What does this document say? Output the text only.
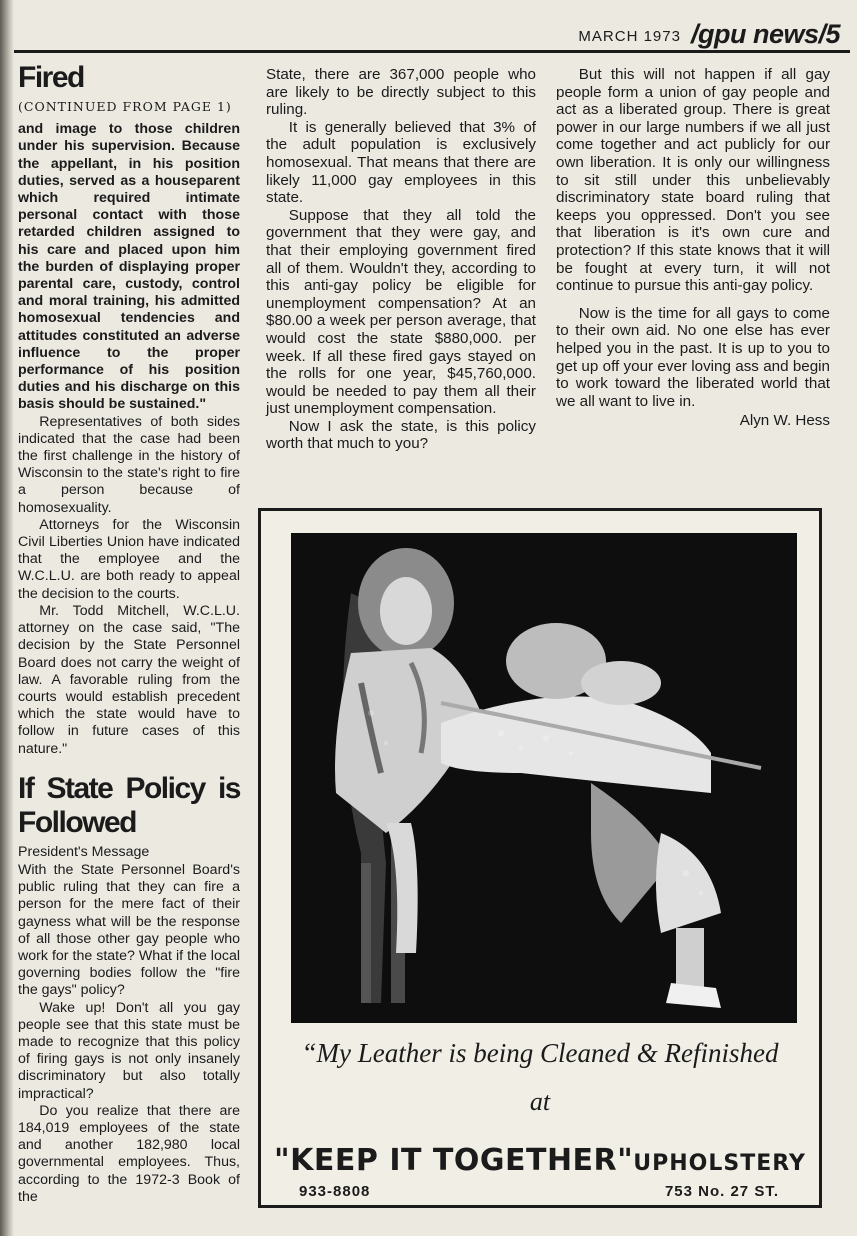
MARCH 1973 /gpu news/5
Fired
(CONTINUED FROM PAGE 1)

and image to those children under his supervision. Because the appellant, in his position duties, served as a houseparent which required intimate personal contact with those retarded children assigned to his care and placed upon him the burden of displaying proper parental care, custody, control and moral training, his admitted homosexual tendencies and attitudes constituted an adverse influence to the proper performance of his position duties and his discharge on this basis should be sustained."

Representatives of both sides indicated that the case had been the first challenge in the history of Wisconsin to the state's right to fire a person because of homosexuality.

Attorneys for the Wisconsin Civil Liberties Union have indicated that the employee and the W.C.L.U. are both ready to appeal the decision to the courts.

Mr. Todd Mitchell, W.C.L.U. attorney on the case said, "The decision by the State Personnel Board does not carry the weight of law. A favorable ruling from the courts would establish precedent which the state would have to follow in future cases of this nature."

If State Policy is Followed
President's Message

With the State Personnel Board's public ruling that they can fire a person for the mere fact of their gayness what will be the response of all those other gay people who work for the state? What if the local governing bodies follow the "fire the gays" policy?

Wake up! Don't all you gay people see that this state must be made to recognize that this policy of firing gays is not only insanely discriminatory but also totally impractical?

Do you realize that there are 184,019 employees of the state and another 182,980 local governmental employees. Thus, according to the 1972-3 Book of the

State, there are 367,000 people who are likely to be directly subject to this ruling.

It is generally believed that 3% of the adult population is exclusively homosexual. That means that there are likely 11,000 gay employees in this state.

Suppose that they all told the government that they were gay, and that their employing government fired all of them. Wouldn't they, according to this anti-gay policy be eligible for unemployment compensation? At an $80.00 a week per person average, that would cost the state $880,000. per week. If all these fired gays stayed on the rolls for one year, $45,760,000. would be needed to pay them all their just unemployment compensation.

Now I ask the state, is this policy worth that much to you?

But this will not happen if all gay people form a union of gay people and act as a liberated group. There is great power in our large numbers if we all just come together and act publicly for our own liberation. It is only our willingness to sit still under this unbelievably discriminatory state board ruling that keeps you oppressed. Don't you see that liberation is it's own cure and protection? If this state knows that it will be fought at every turn, it will not continue to pursue this anti-gay policy.

Now is the time for all gays to come to their own aid. No one else has ever helped you in the past. It is up to you to get up off your ever loving ass and begin to work toward the liberated world that we all want to live in.

Alyn W. Hess
“My Leather is being Cleaned & Refinished
at
"KEEP IT TOGETHER"UPHOLSTERY
933-8808	753 No. 27 ST.
